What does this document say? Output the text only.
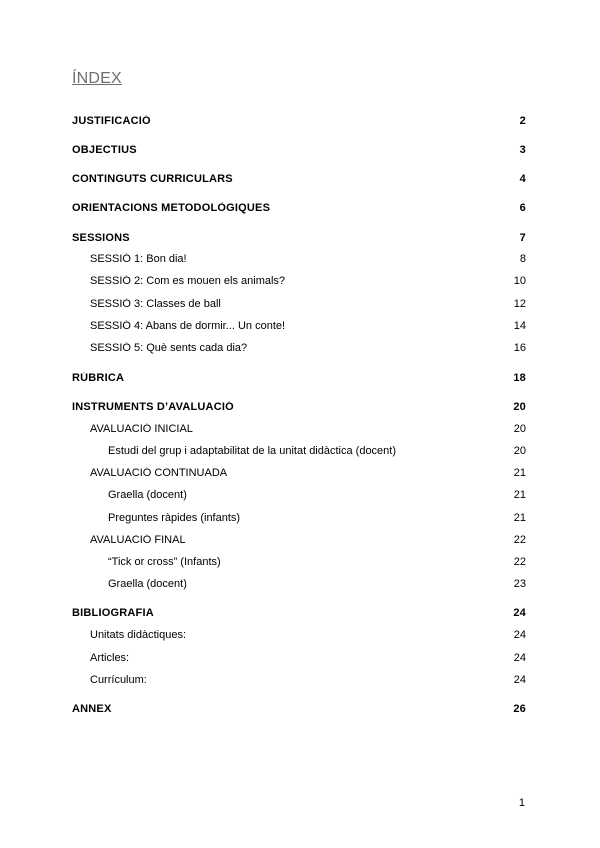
ÍNDEX
JUSTIFICACIÓ	2
OBJECTIUS	3
CONTINGUTS CURRICULARS	4
ORIENTACIONS METODOLÒGIQUES	6
SESSIONS	7
SESSIÓ 1: Bon dia!	8
SESSIÓ 2: Com es mouen els animals?	10
SESSIÓ 3: Classes de ball	12
SESSIÓ 4: Abans de dormir... Un conte!	14
SESSIÓ 5: Què sents cada dia?	16
RÚBRICA	18
INSTRUMENTS D’AVALUACIÓ	20
AVALUACIÓ INICIAL	20
Estudi del grup i adaptabilitat de la unitat didàctica (docent)	20
AVALUACIÓ CONTINUADA	21
Graella (docent)	21
Preguntes ràpides (infants)	21
AVALUACIÓ FINAL	22
“Tick or cross” (Infants)	22
Graella (docent)	23
BIBLIOGRAFIA	24
Unitats didàctiques:	24
Articles:	24
Currículum:	24
ANNEX	26
1
